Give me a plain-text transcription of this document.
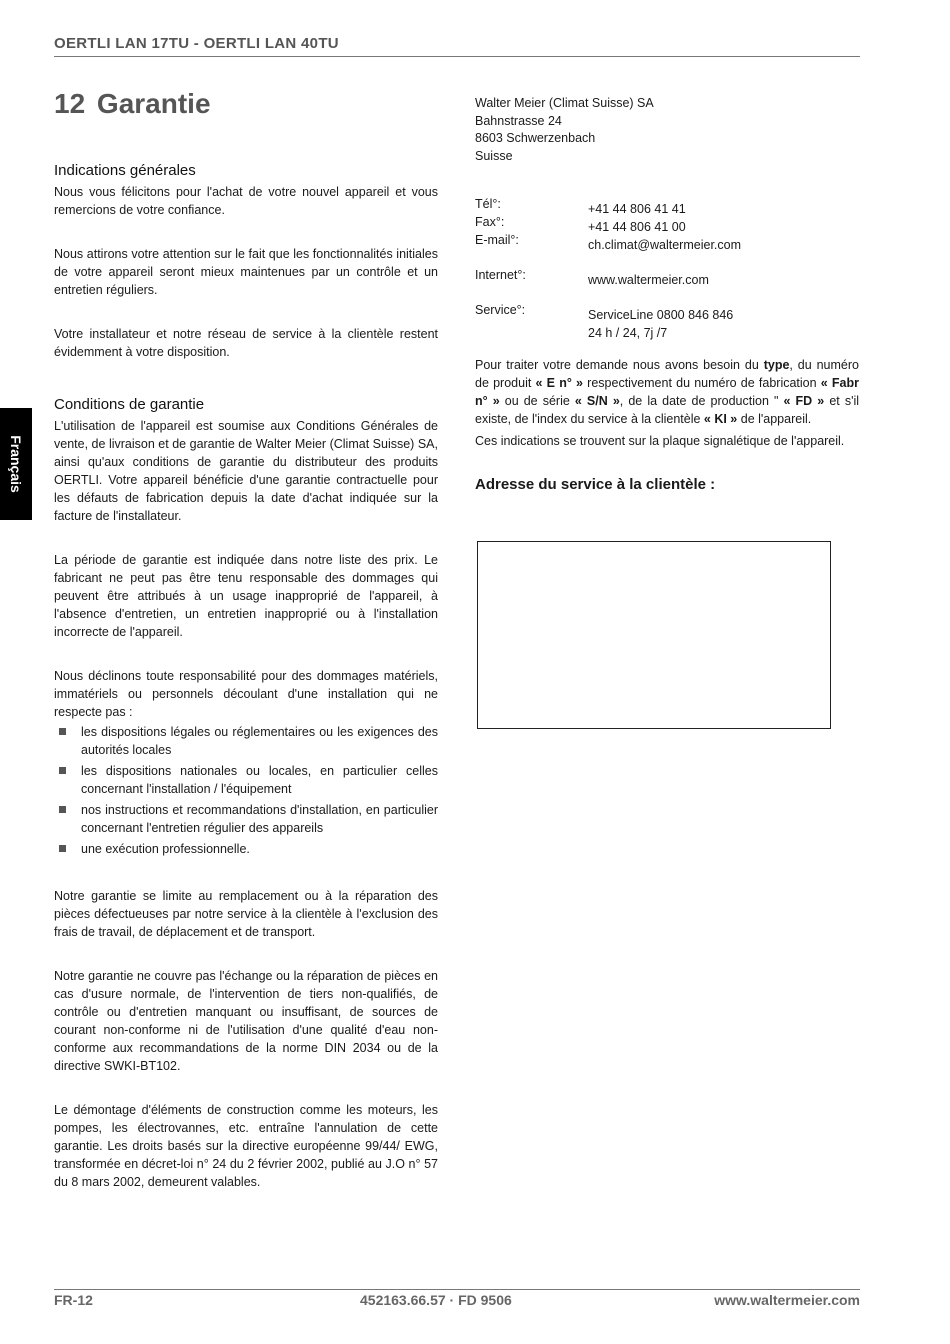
OERTLI LAN 17TU - OERTLI LAN 40TU
Français
12 Garantie
Indications générales

Nous vous félicitons pour l'achat de votre nouvel appareil et vous remercions de votre confiance.

Nous attirons votre attention sur le fait que les fonctionnalités initiales de votre appareil seront mieux maintenues par un contrôle et un entretien réguliers.

Votre installateur et notre réseau de service à la clientèle restent évidemment à votre disposition.

Conditions de garantie

L'utilisation de l'appareil est soumise aux Conditions Générales de vente, de livraison et de garantie de Walter Meier (Climat Suisse) SA, ainsi qu'aux conditions de garantie du distributeur des produits OERTLI. Votre appareil bénéficie d'une garantie contractuelle pour les défauts de fabrication depuis la date d'achat indiquée sur la facture de l'installateur.

La période de garantie est indiquée dans notre liste des prix. Le fabricant ne peut pas être tenu responsable des dommages qui peuvent être attribués à un usage inapproprié de l'appareil, à l'absence d'entretien, un entretien inapproprié ou à l'installation incorrecte de l'appareil.

Nous déclinons toute responsabilité pour des dommages matériels, immatériels ou personnels découlant d'une installation qui ne respecte pas :

les dispositions légales ou réglementaires ou les exigences des autorités locales
les dispositions nationales ou locales, en particulier celles concernant l'installation / l'équipement
nos instructions et recommandations d'installation, en particulier concernant l'entretien régulier des appareils
une exécution professionnelle.

Notre garantie se limite au remplacement ou à la réparation des pièces défectueuses par notre service à la clientèle à l'exclusion des frais de travail, de déplacement et de transport.

Notre garantie ne couvre pas l'échange ou la réparation de pièces en cas d'usure normale, de l'intervention de tiers non-qualifiés, de contrôle ou d'entretien manquant ou insuffisant, de sources de courant non-conforme ni de l'utilisation d'une qualité d'eau non-conforme aux recommandations de la norme DIN 2034 ou de la directive SWKI-BT102.

Le démontage d'éléments de construction comme les moteurs, les pompes, les électrovannes, etc. entraîne l'annulation de cette garantie. Les droits basés sur la directive européenne 99/44/ EWG, transformée en décret-loi n° 24 du 2 février 2002, publié au J.O n° 57 du 8 mars 2002, demeurent valables.

Walter Meier (Climat Suisse) SA
Bahnstrasse 24
8603 Schwerzenbach
Suisse
Tél°:	+41 44 806 41 41
Fax°:	+41 44 806 41 00
E-mail°:	ch.climat@waltermeier.com
Internet°:	www.waltermeier.com
Service°:	ServiceLine 0800 846 846
24 h / 24, 7j /7

Pour traiter votre demande nous avons besoin du type, du numéro de produit « E n° » respectivement du numéro de fabrication « Fabr n° » ou de série « S/N », de la date de production " « FD » et s'il existe, de l'index du service à la clientèle « KI » de l'appareil.

Ces indications se trouvent sur la plaque signalétique de l'appareil.

Adresse du service à la clientèle :
FR-12	452163.66.57 · FD 9506	www.waltermeier.com
